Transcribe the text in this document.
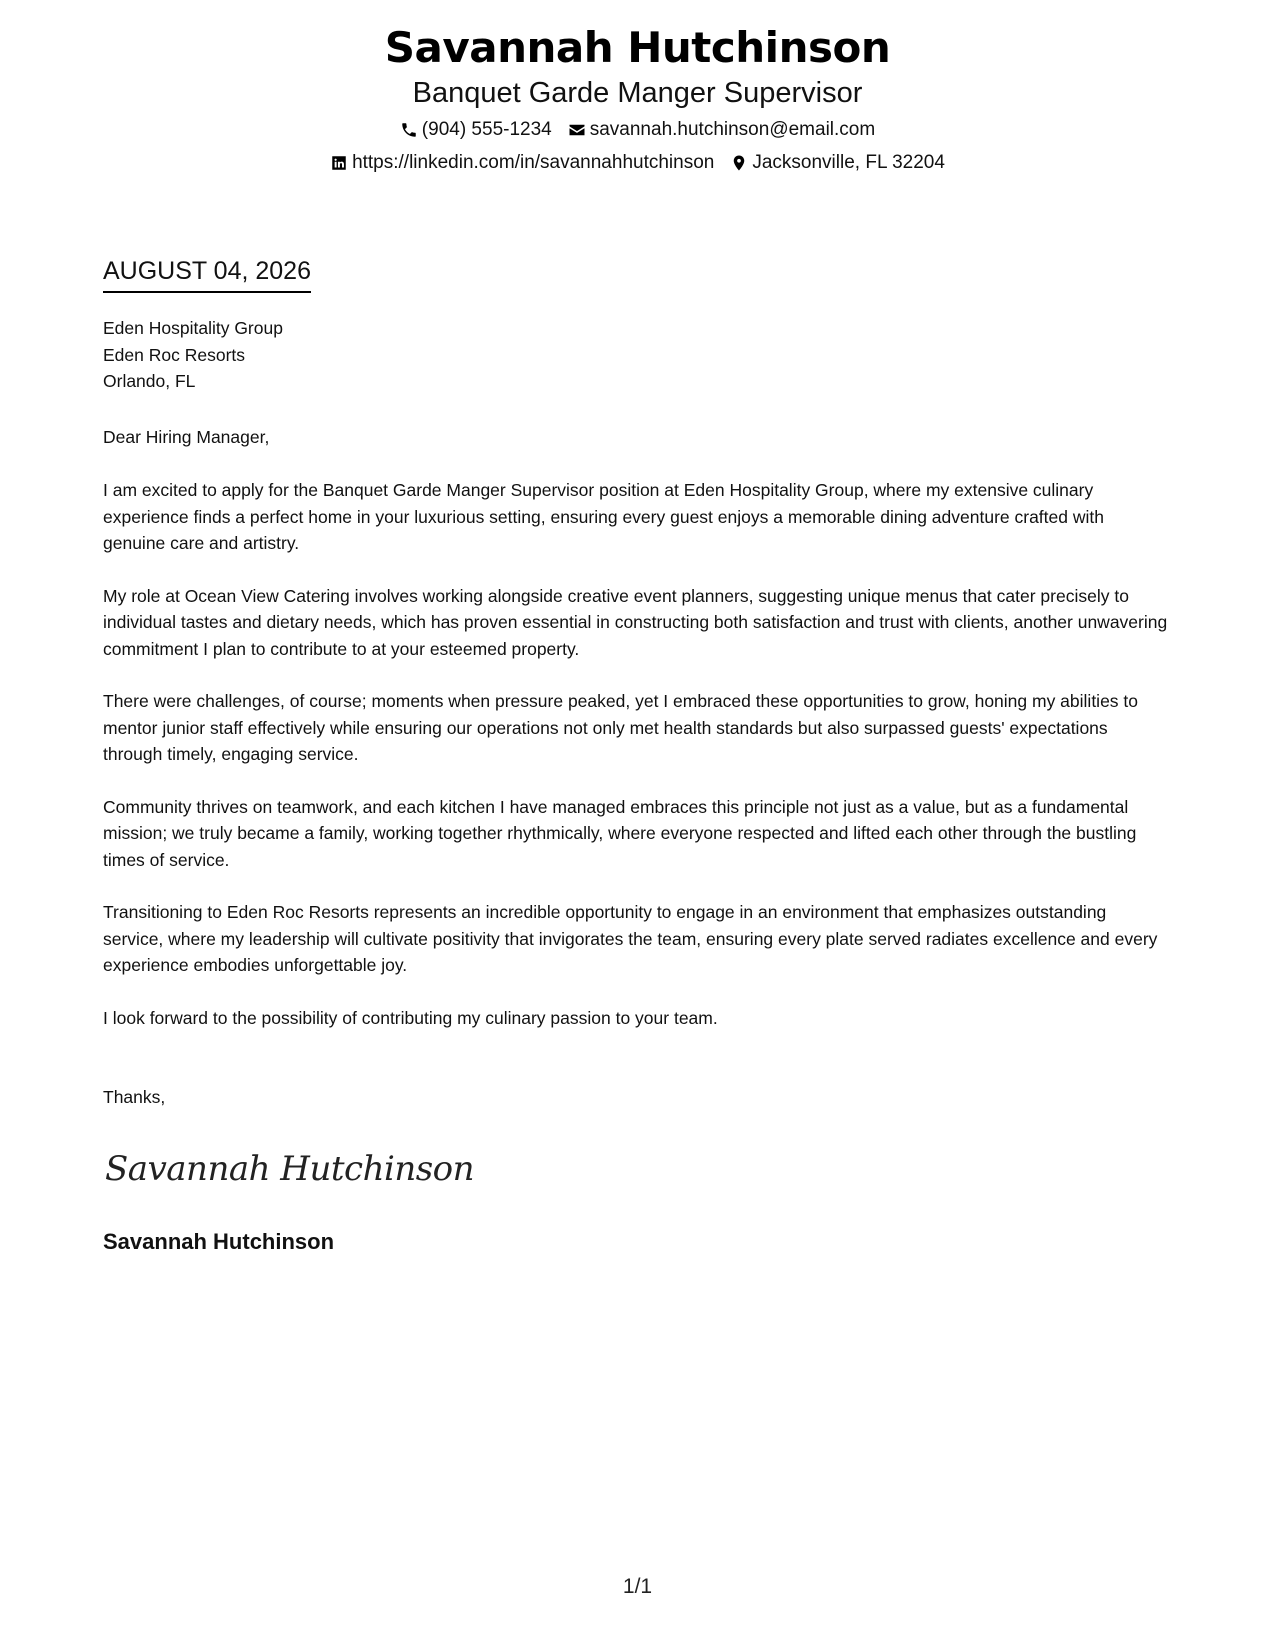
Savannah Hutchinson
Banquet Garde Manger Supervisor
(904) 555-1234 savannah.hutchinson@email.com
https://linkedin.com/in/savannahhutchinson Jacksonville, FL 32204
AUGUST 04, 2026
Eden Hospitality Group
Eden Roc Resorts
Orlando, FL
Dear Hiring Manager,

I am excited to apply for the Banquet Garde Manger Supervisor position at Eden Hospitality Group, where my extensive culinary experience finds a perfect home in your luxurious setting, ensuring every guest enjoys a memorable dining adventure crafted with genuine care and artistry.

My role at Ocean View Catering involves working alongside creative event planners, suggesting unique menus that cater precisely to individual tastes and dietary needs, which has proven essential in constructing both satisfaction and trust with clients, another unwavering commitment I plan to contribute to at your esteemed property.

There were challenges, of course; moments when pressure peaked, yet I embraced these opportunities to grow, honing my abilities to mentor junior staff effectively while ensuring our operations not only met health standards but also surpassed guests' expectations through timely, engaging service.

Community thrives on teamwork, and each kitchen I have managed embraces this principle not just as a value, but as a fundamental mission; we truly became a family, working together rhythmically, where everyone respected and lifted each other through the bustling times of service.

Transitioning to Eden Roc Resorts represents an incredible opportunity to engage in an environment that emphasizes outstanding service, where my leadership will cultivate positivity that invigorates the team, ensuring every plate served radiates excellence and every experience embodies unforgettable joy.

I look forward to the possibility of contributing my culinary passion to your team.

Thanks,
Savannah Hutchinson
Savannah Hutchinson
1/1
